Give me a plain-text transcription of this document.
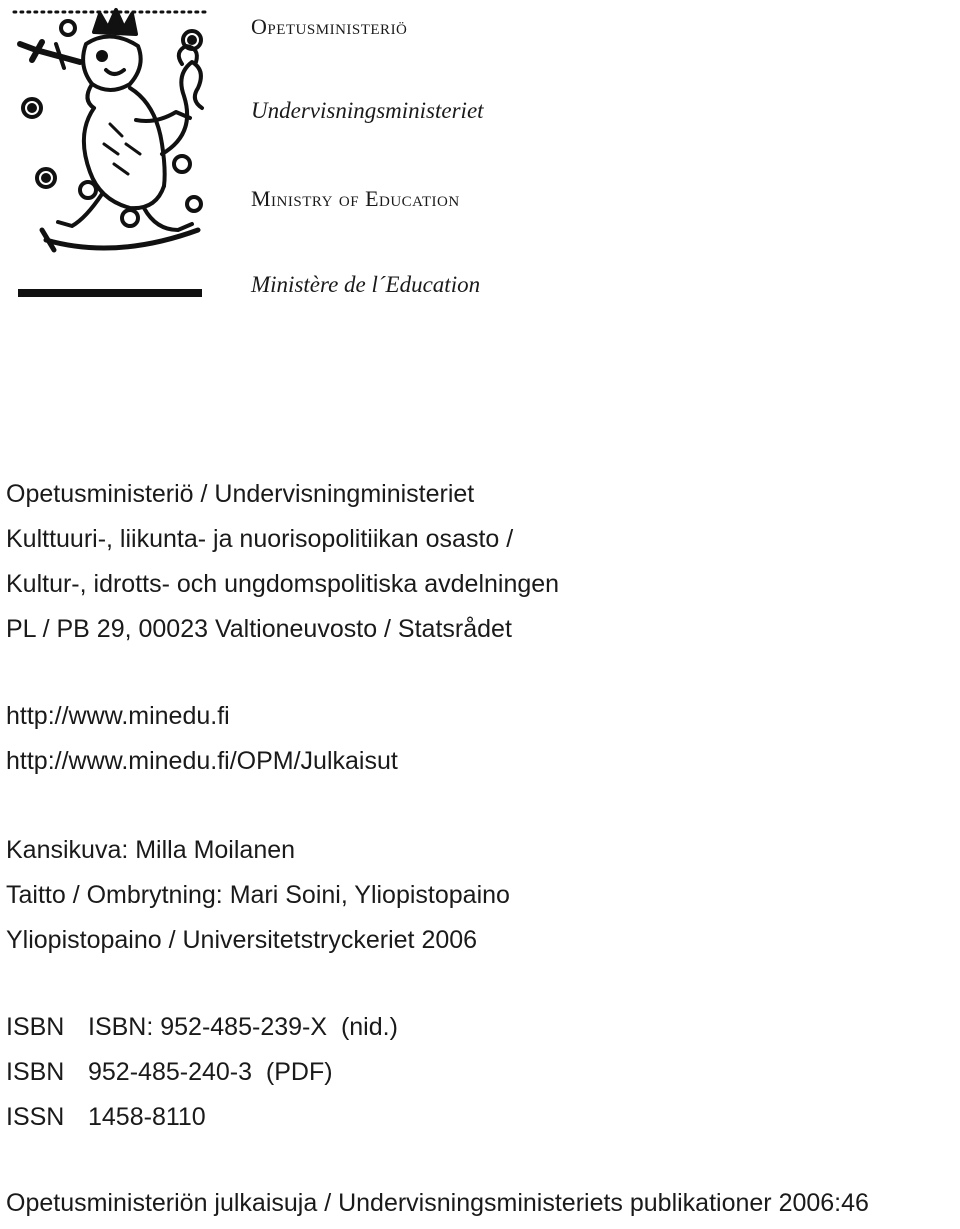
Opetusministeriö
Undervisningsministeriet
Ministry of Education
Ministère de l´Education
Opetusministeriö / Undervisningministeriet
Kulttuuri-, liikunta- ja nuorisopolitiikan osasto /
Kultur-, idrotts- och ungdomspolitiska avdelningen
PL / PB 29, 00023 Valtioneuvosto / Statsrådet
http://www.minedu.fi
http://www.minedu.fi/OPM/Julkaisut
Kansikuva: Milla Moilanen
Taitto / Ombrytning: Mari Soini, Yliopistopaino
Yliopistopaino / Universitetstryckeriet 2006
ISBN ISBN: 952-485-239-X (nid.)
ISBN 952-485-240-3 (PDF)
ISSN 1458-8110
Opetusministeriön julkaisuja / Undervisningsministeriets publikationer 2006:46
